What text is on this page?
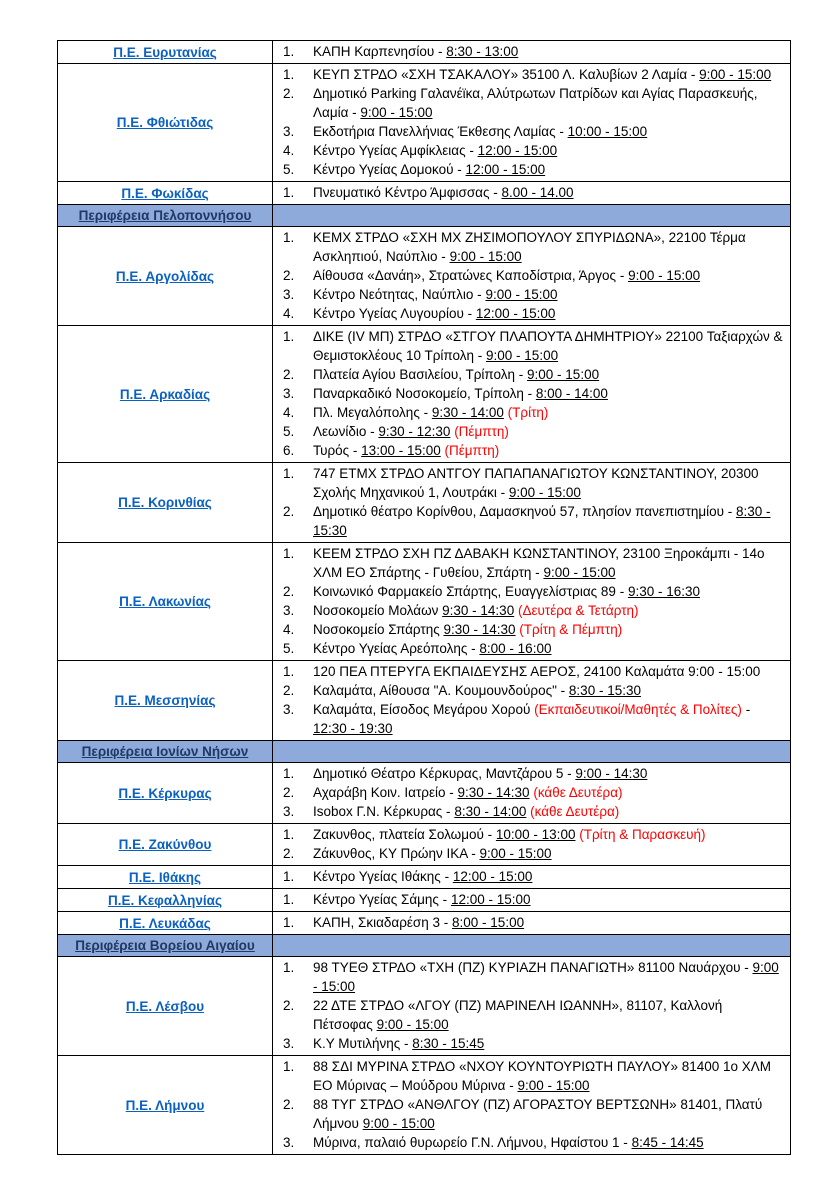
Π.Ε. Ευρυτανίας	1. ΚΑΠΗ Καρπενησίου - 8:30 - 13:00

Π.Ε. Φθιώτιδας	
1.	ΚΕΥΠ ΣΤΡΔΟ «ΣΧΗ ΤΣΑΚΑΛΟΥ» 35100 Λ. Καλυβίων 2 Λαμία - 9:00 - 15:00
2.	Δημοτικό Parking Γαλανέϊκα, Αλύτρωτων Πατρίδων και Αγίας Παρασκευής, Λαμία - 9:00 - 15:00
3.	Εκδοτήρια Πανελλήνιας Έκθεσης Λαμίας - 10:00 - 15:00
4.	Κέντρο Υγείας Αμφίκλειας - 12:00 - 15:00
5.	Κέντρο Υγείας Δομοκού - 12:00 - 15:00

Π.Ε. Φωκίδας	1. Πνευματικό Κέντρο Άμφισσας - 8.00 - 14.00

Περιφέρεια Πελοποννήσου	
Π.Ε. Αργολίδας	
1.	ΚΕΜΧ ΣΤΡΔΟ «ΣΧΗ ΜΧ ΖΗΣΙΜΟΠΟΥΛΟΥ ΣΠΥΡΙΔΩΝΑ», 22100 Τέρμα Ασκληπιού, Ναύπλιο - 9:00 - 15:00
2.	Αίθουσα «Δανάη», Στρατώνες Καποδίστρια, Άργος - 9:00 - 15:00
3.	Κέντρο Νεότητας, Ναύπλιο - 9:00 - 15:00
4.	Κέντρο Υγείας Λυγουρίου - 12:00 - 15:00

Π.Ε. Αρκαδίας	
1.	ΔΙΚΕ (ΙV ΜΠ) ΣΤΡΔΟ «ΣΤΓΟΥ ΠΛΑΠΟΥΤΑ ΔΗΜΗΤΡΙΟΥ» 22100 Ταξιαρχών & Θεμιστοκλέους 10 Τρίπολη - 9:00 - 15:00
2.	Πλατεία Αγίου Βασιλείου, Τρίπολη - 9:00 - 15:00
3.	Παναρκαδικό Νοσοκομείο, Τρίπολη - 8:00 - 14:00
4.	Πλ. Μεγαλόπολης - 9:30 - 14:00 (Τρίτη)
5.	Λεωνίδιο - 9:30 - 12:30 (Πέμπτη)
6.	Τυρός - 13:00 - 15:00 (Πέμπτη)

Π.Ε. Κορινθίας	1. 747 ΕΤΜΧ ΣΤΡΔΟ ΑΝΤΓΟΥ ΠΑΠΑΠΑΝΑΓΙΩΤΟΥ ΚΩΝΣΤΑΝΤΙΝΟΥ, 20300 Σχολής Μηχανικού 1, Λουτράκι - 9:00 - 15:00
2. Δημοτικό θέατρο Κορίνθου, Δαμασκηνού 57, πλησίον πανεπιστημίου - 8:30 - 15:30

Π.Ε. Λακωνίας	
1.	ΚΕΕΜ ΣΤΡΔΟ ΣΧΗ ΠΖ ΔΑΒΑΚΗ ΚΩΝΣΤΑΝΤΙΝΟΥ, 23100 Ξηροκάμπι - 14ο ΧΛΜ ΕΟ Σπάρτης - Γυθείου, Σπάρτη - 9:00 - 15:00
2.	Κοινωνικό Φαρμακείο Σπάρτης, Ευαγγελίστριας 89 - 9:30 - 16:30
3.	Νοσοκομείο Μολάων 9:30 - 14:30 (Δευτέρα & Τετάρτη)
4.	Νοσοκομείο Σπάρτης 9:30 - 14:30 (Τρίτη & Πέμπτη)
5.	Κέντρο Υγείας Αρεόπολης - 8:00 - 16:00

Π.Ε. Μεσσηνίας	
1.	120 ΠΕΑ ΠΤΕΡΥΓΑ ΕΚΠΑΙΔΕΥΣΗΣ ΑΕΡΟΣ, 24100 Καλαμάτα 9:00 - 15:00
2.	Καλαμάτα, Αίθουσα "Α. Κουμουνδούρος" - 8:30 - 15:30
3.	Καλαμάτα, Είσοδος Μεγάρου Χορού (Εκπαιδευτικοί/Μαθητές & Πολίτες) - 12:30 - 19:30

Περιφέρεια Ιονίων Νήσων	
Π.Ε. Κέρκυρας	
1.	Δημοτικό Θέατρο Κέρκυρας, Μαντζάρου 5 - 9:00 - 14:30
2.	Αχαράβη Κοιν. Ιατρείο - 9:30 - 14:30 (κάθε Δευτέρα)
3.	Isobox Γ.Ν. Κέρκυρας - 8:30 - 14:00 (κάθε Δευτέρα)

Π.Ε. Ζακύνθου	1. Ζακυνθος, πλατεία Σολωμού - 10:00 - 13:00 (Τρίτη & Παρασκευή)
2. Ζάκυνθος, ΚΥ Πρώην ΙΚΑ - 9:00 - 15:00

Π.Ε. Ιθάκης	1. Κέντρο Υγείας Ιθάκης - 12:00 - 15:00

Π.Ε. Κεφαλληνίας	1. Κέντρο Υγείας Σάμης - 12:00 - 15:00

Π.Ε. Λευκάδας	1. ΚΑΠΗ, Σκιαδαρέση 3 - 8:00 - 15:00

Περιφέρεια Βορείου Αιγαίου	
Π.Ε. Λέσβου	
1.	98 ΤΥΕΘ ΣΤΡΔΟ «ΤΧΗ (ΠΖ) ΚΥΡΙΑΖΗ ΠΑΝΑΓΙΩΤΗ» 81100 Ναυάρχου - 9:00 - 15:00
2.	22 ΔΤΕ ΣΤΡΔΟ «ΛΓΟΥ (ΠΖ) ΜΑΡΙΝΕΛΗ ΙΩΑΝΝΗ», 81107, Καλλονή Πέτσοφας 9:00 - 15:00
3.	Κ.Υ Μυτιλήνης - 8:30 - 15:45

Π.Ε. Λήμνου	
1.	88 ΣΔΙ ΜΥΡΙΝΑ ΣΤΡΔΟ «ΝΧΟΥ ΚΟΥΝΤΟΥΡΙΩΤΗ ΠΑΥΛΟΥ» 81400 1ο ΧΛΜ ΕΟ Μύρινας – Μούδρου Μύρινα - 9:00 - 15:00
2.	88 ΤΥΓ ΣΤΡΔΟ «ΑΝΘΛΓΟΥ (ΠΖ) ΑΓΟΡΑΣΤΟΥ ΒΕΡΤΣΩΝΗ» 81401, Πλατύ Λήμνου 9:00 - 15:00
3.	Μύρινα, παλαιό θυρωρείο Γ.Ν. Λήμνου, Ηφαίστου 1 - 8:45 - 14:45
